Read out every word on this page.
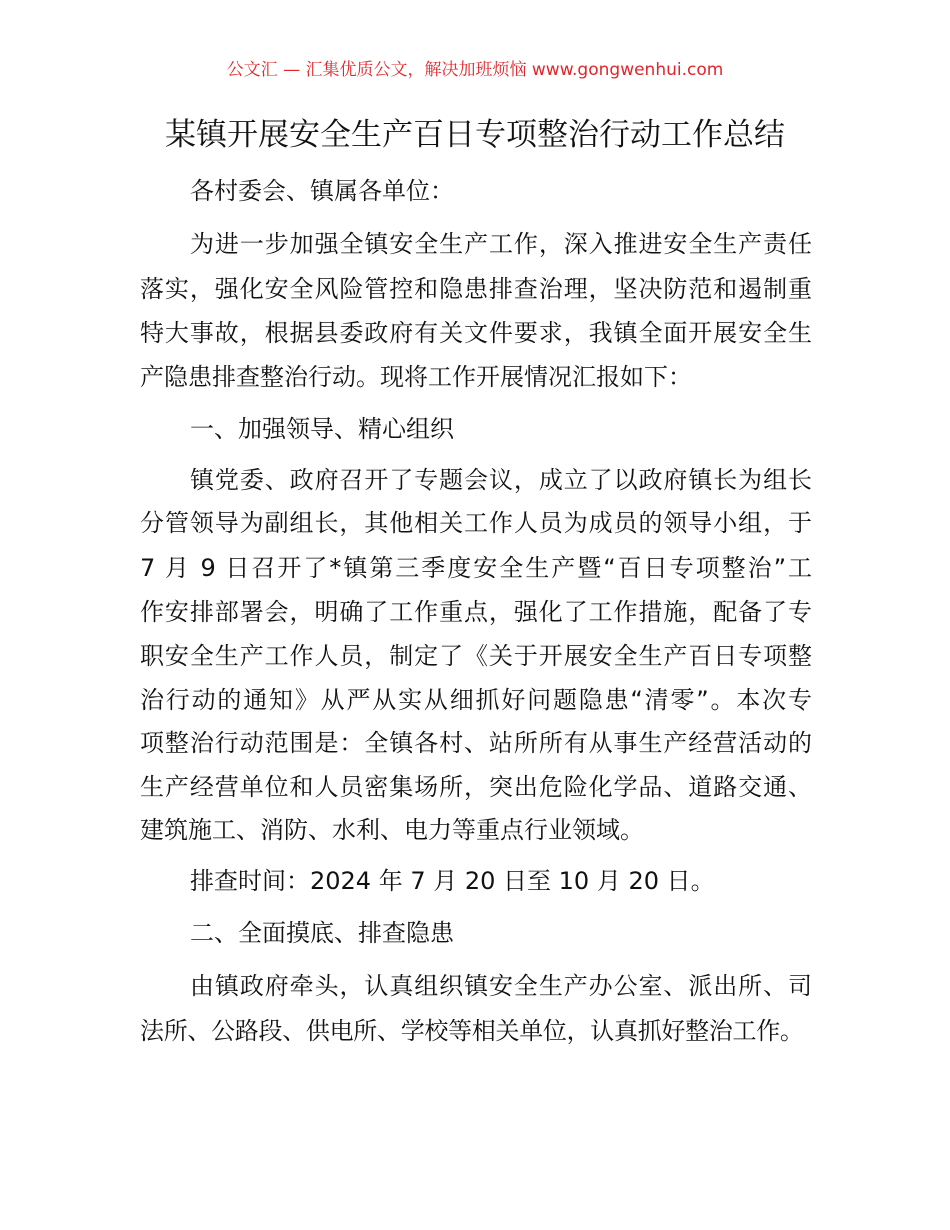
公文汇 — 汇集优质公文，解决加班烦恼 www.gongwenhui.com
某镇开展安全生产百日专项整治行动工作总结
各村委会、镇属各单位：
为进一步加强全镇安全生产工作，深入推进安全生产责任
落实，强化安全风险管控和隐患排查治理，坚决防范和遏制重
特大事故，根据县委政府有关文件要求，我镇全面开展安全生
产隐患排查整治行动。现将工作开展情况汇报如下：
一、加强领导、精心组织
镇党委、政府召开了专题会议，成立了以政府镇长为组长
分管领导为副组长，其他相关工作人员为成员的领导小组，于
7 月 9 日召开了*镇第三季度安全生产暨“百日专项整治”工
作安排部署会，明确了工作重点，强化了工作措施，配备了专
职安全生产工作人员，制定了《关于开展安全生产百日专项整
治行动的通知》从严从实从细抓好问题隐患“清零”。本次专
项整治行动范围是：全镇各村、站所所有从事生产经营活动的
生产经营单位和人员密集场所，突出危险化学品、道路交通、
建筑施工、消防、水利、电力等重点行业领域。
排查时间：2024 年 7 月 20 日至 10 月 20 日。
二、全面摸底、排查隐患
由镇政府牵头，认真组织镇安全生产办公室、派出所、司
法所、公路段、供电所、学校等相关单位，认真抓好整治工作。
